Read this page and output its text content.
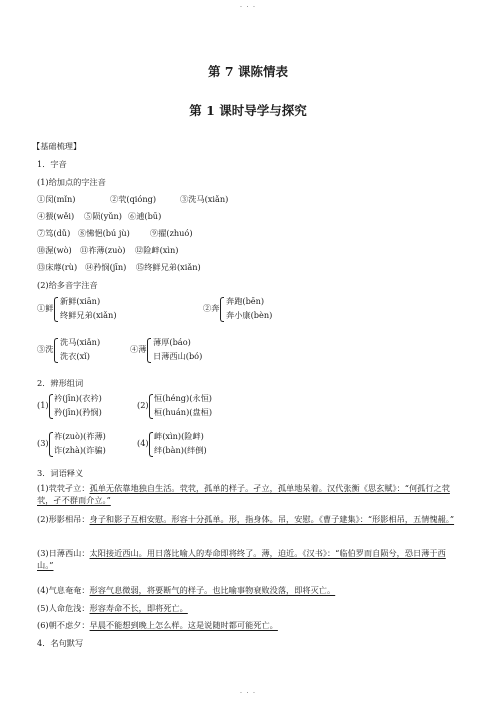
· · ·
第 7 课陈情表
第 1 课时导学与探究
【基础梳理】
1．字音
(1)给加点的字注音
①闵(mǐn)	②茕(qióng)	③洗马(xiǎn)
④猥(wěi) ⑤陨(yǔn) ⑥逋(bū)
⑦笃(dǔ) ⑧怫悒(bú jù) ⑨擢(zhuó)
⑩渥(wò) ⑪祚薄(zuò) ⑫险衅(xìn)
⑬床蓐(rù) ⑭矜悯(jīn) ⑮终鲜兄弟(xiǎn)
(2)给多音字注音
①鲜
新鲜(xiān)
终鲜兄弟(xiǎn)
②奔
奔跑(bēn)
奔小康(bèn)
③洗
洗马(xiǎn)
洗衣(xǐ)
④薄
薄厚(báo)
日薄西山(bó)
2．辨形组词
(1)
衿(jīn)(衣衿)
矜(jīn)(矜悯)
(2)
恒(héng)(永恒)
桓(huán)(盘桓)
(3)
祚(zuò)(祚薄)
诈(zhà)(诈骗)
(4)
衅(xìn)(险衅)
绊(bàn)(绊倒)
3．词语释义
(1)茕茕孑立：孤单无依靠地独自生活。茕茕，孤单的样子。孑立，孤单地呆着。汉代张衡《思玄赋》：“何孤行之茕茕，孑不群而介立。”
(2)形影相吊：身子和影子互相安慰。形容十分孤单。形，指身体。吊，安慰。《曹子建集》：“形影相吊，五情愧赧。”
(3)日薄西山：太阳接近西山。用日落比喻人的寿命即将终了。薄，迫近。《汉书》：“临伯罗而自陨兮，恐日薄于西山。”
(4)气息奄奄：形容气息微弱，将要断气的样子。也比喻事物衰败没落，即将灭亡。
(5)人命危浅：形容寿命不长，即将死亡。
(6)朝不虑夕：早晨不能想到晚上怎么样。这是说随时都可能死亡。
4．名句默写
· · ·
